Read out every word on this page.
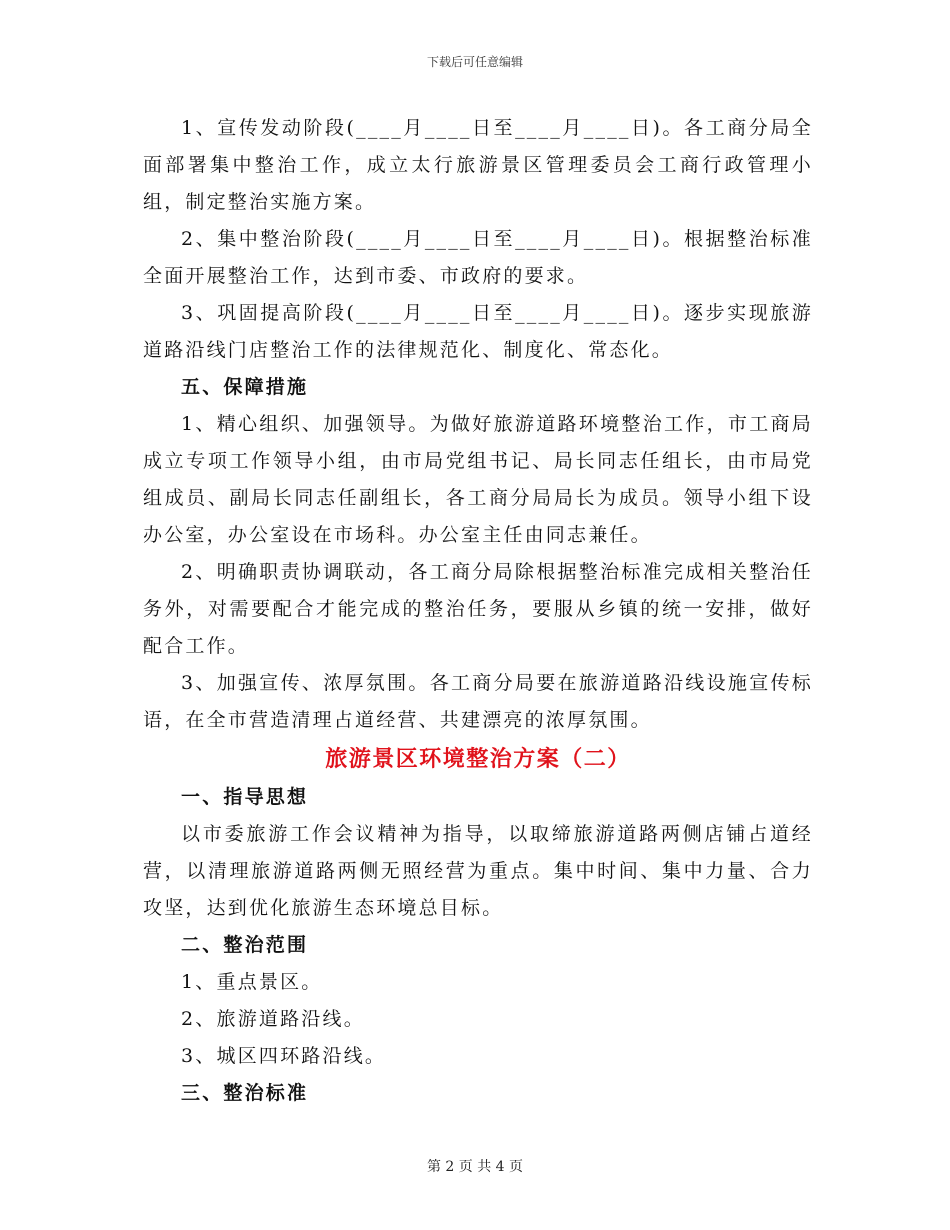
下载后可任意编辑

1、宣传发动阶段(____月____日至____月____日)。各工商分局全面部署集中整治工作，成立太行旅游景区管理委员会工商行政管理小组，制定整治实施方案。

2、集中整治阶段(____月____日至____月____日)。根据整治标准全面开展整治工作，达到市委、市政府的要求。

3、巩固提高阶段(____月____日至____月____日)。逐步实现旅游道路沿线门店整治工作的法律规范化、制度化、常态化。

五、保障措施

1、精心组织、加强领导。为做好旅游道路环境整治工作，市工商局成立专项工作领导小组，由市局党组书记、局长同志任组长，由市局党组成员、副局长同志任副组长，各工商分局局长为成员。领导小组下设办公室，办公室设在市场科。办公室主任由同志兼任。

2、明确职责协调联动，各工商分局除根据整治标准完成相关整治任务外，对需要配合才能完成的整治任务，要服从乡镇的统一安排，做好配合工作。

3、加强宣传、浓厚氛围。各工商分局要在旅游道路沿线设施宣传标语，在全市营造清理占道经营、共建漂亮的浓厚氛围。

旅游景区环境整治方案（二）

一、指导思想

以市委旅游工作会议精神为指导，以取缔旅游道路两侧店铺占道经营，以清理旅游道路两侧无照经营为重点。集中时间、集中力量、合力攻坚，达到优化旅游生态环境总目标。

二、整治范围

1、重点景区。

2、旅游道路沿线。

3、城区四环路沿线。

三、整治标准

第 2 页 共 4 页
